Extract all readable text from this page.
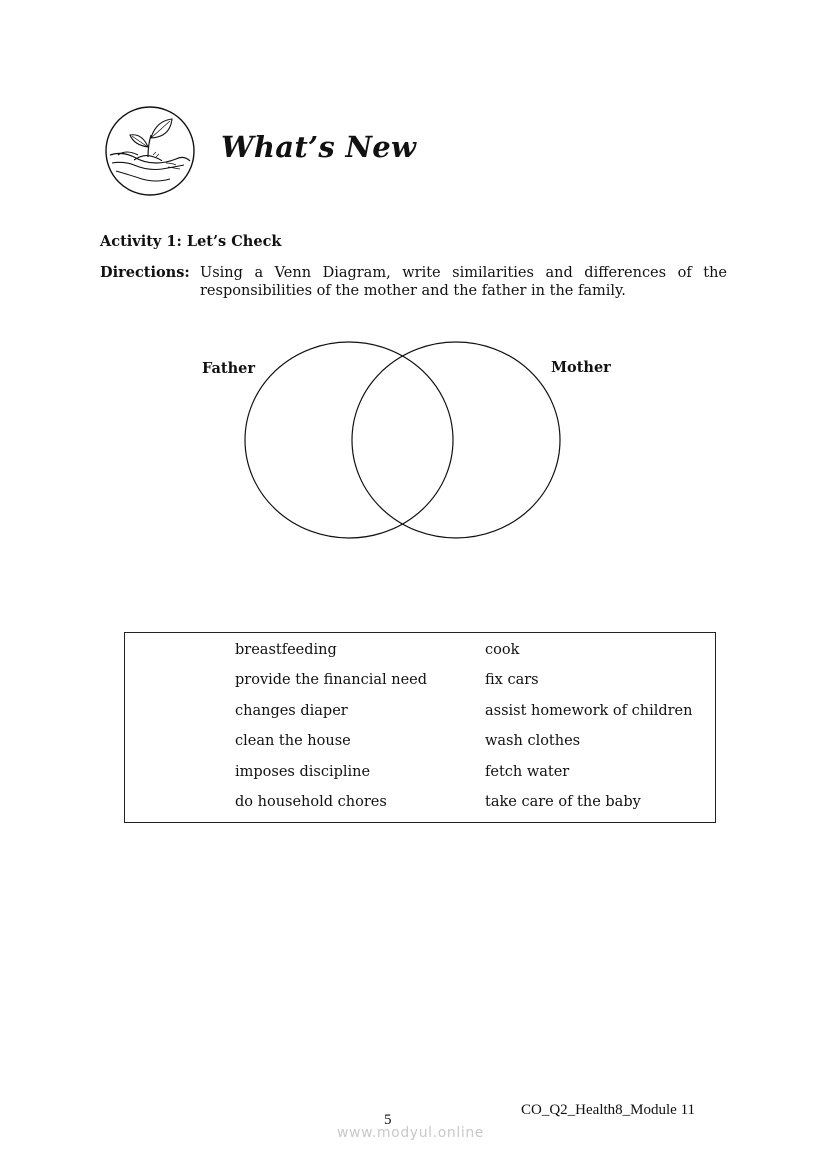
What’s New
Activity 1: Let’s Check
Directions: Using a Venn Diagram, write similarities and differences of the responsibilities of the mother and the father in the family.
Father	Mother
breastfeeding
provide the financial need
changes diaper
clean the house
imposes discipline
do household chores
cook
fix cars
assist homework of children
wash clothes
fetch water
take care of the baby
CO_Q2_Health8_Module 11
5
www.modyul.online
